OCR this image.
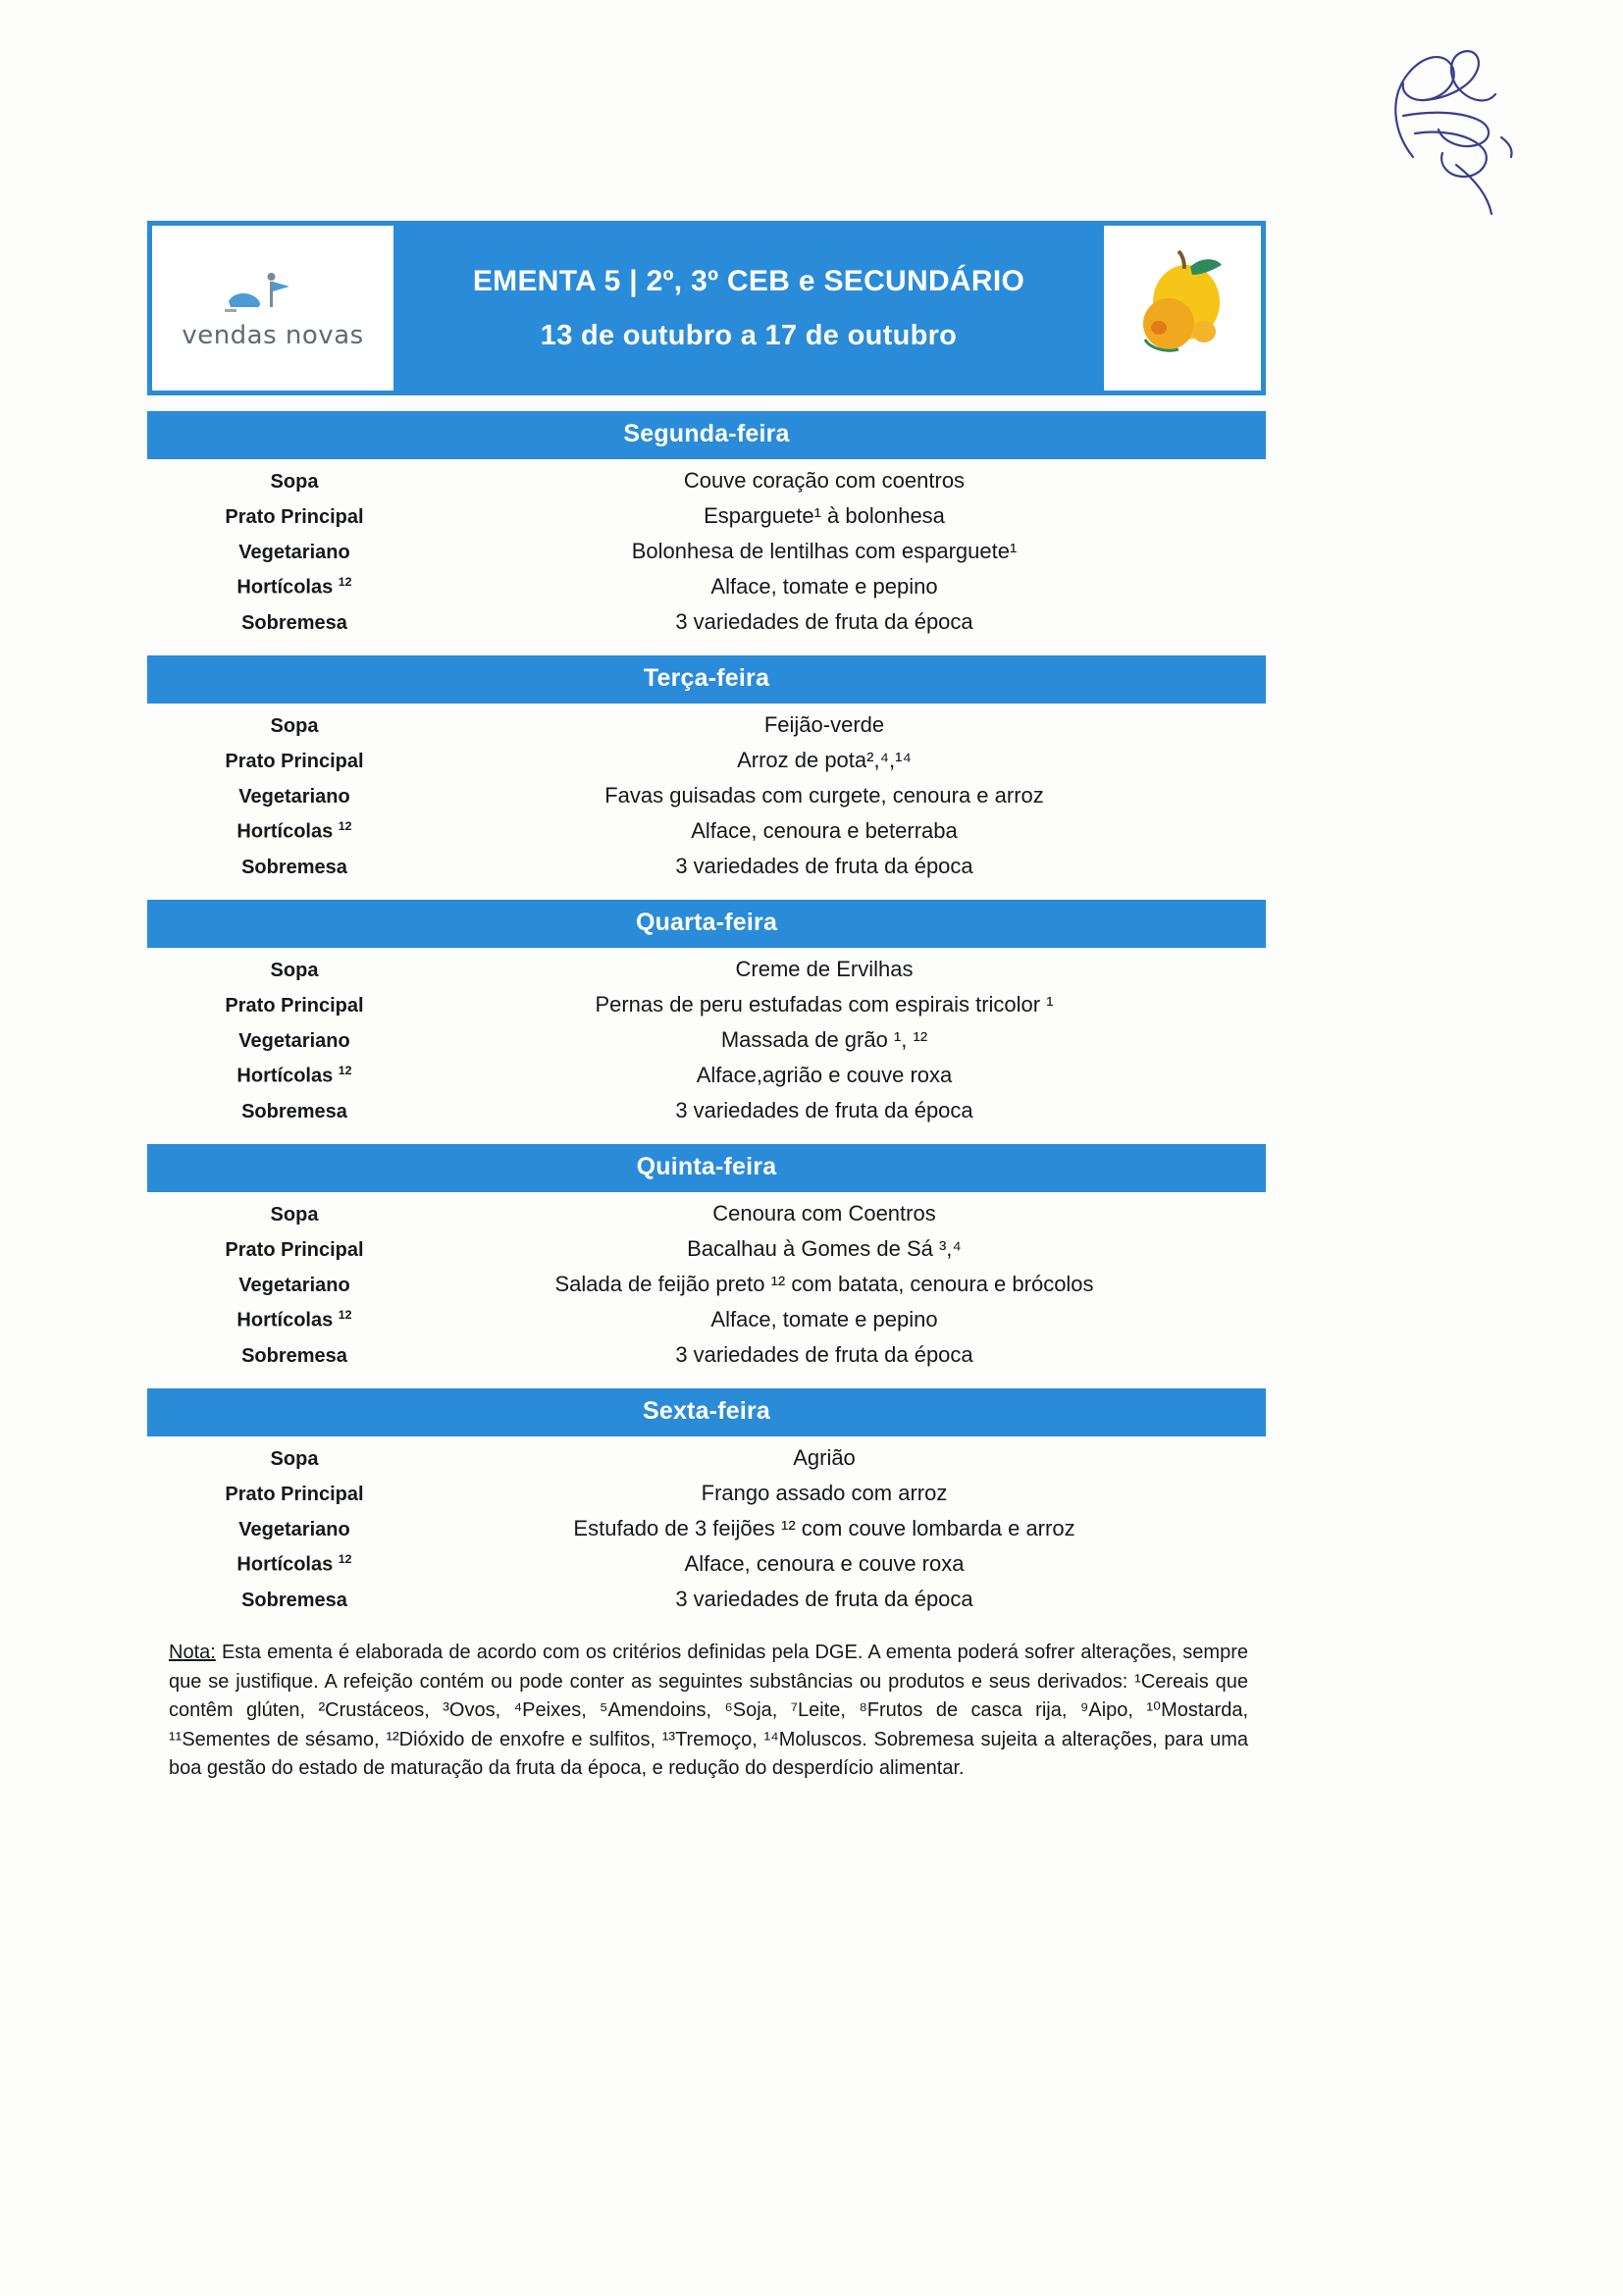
vendas novas
EMENTA 5 | 2º, 3º CEB e SECUNDÁRIO
13 de outubro a 17 de outubro
Segunda-feira
Sopa	Couve coração com coentros
Prato Principal	Esparguete¹ à bolonhesa
Vegetariano	Bolonhesa de lentilhas com esparguete¹
Hortícolas $^{12}$	Alface, tomate e pepino
Sobremesa	3 variedades de fruta da época
Terça-feira
Sopa	Feijão-verde
Prato Principal	Arroz de pota²,⁴,¹⁴
Vegetariano	Favas guisadas com curgete, cenoura e arroz
Hortícolas $^{12}$	Alface, cenoura e beterraba
Sobremesa	3 variedades de fruta da época
Quarta-feira
Sopa	Creme de Ervilhas
Prato Principal	Pernas de peru estufadas com espirais tricolor ¹
Vegetariano	Massada de grão ¹, ¹²
Hortícolas $^{12}$	Alface,agrião e couve roxa
Sobremesa	3 variedades de fruta da época
Quinta-feira
Sopa	Cenoura com Coentros
Prato Principal	Bacalhau à Gomes de Sá ³,⁴
Vegetariano	Salada de feijão preto ¹² com batata, cenoura e brócolos
Hortícolas $^{12}$	Alface, tomate e pepino
Sobremesa	3 variedades de fruta da época
Sexta-feira
Sopa	Agrião
Prato Principal	Frango assado com arroz
Vegetariano	Estufado de 3 feijões ¹² com couve lombarda e arroz
Hortícolas $^{12}$	Alface, cenoura e couve roxa
Sobremesa	3 variedades de fruta da época
Nota: Esta ementa é elaborada de acordo com os critérios definidas pela DGE. A ementa poderá sofrer alterações, sempre que se justifique. A refeição contém ou pode conter as seguintes substâncias ou produtos e seus derivados: ¹Cereais que contêm glúten, ²Crustáceos, ³Ovos, ⁴Peixes, ⁵Amendoins, ⁶Soja, ⁷Leite, ⁸Frutos de casca rija, ⁹Aipo, ¹⁰Mostarda, ¹¹Sementes de sésamo, ¹²Dióxido de enxofre e sulfitos, ¹³Tremoço, ¹⁴Moluscos. Sobremesa sujeita a alterações, para uma boa gestão do estado de maturação da fruta da época, e redução do desperdício alimentar.
